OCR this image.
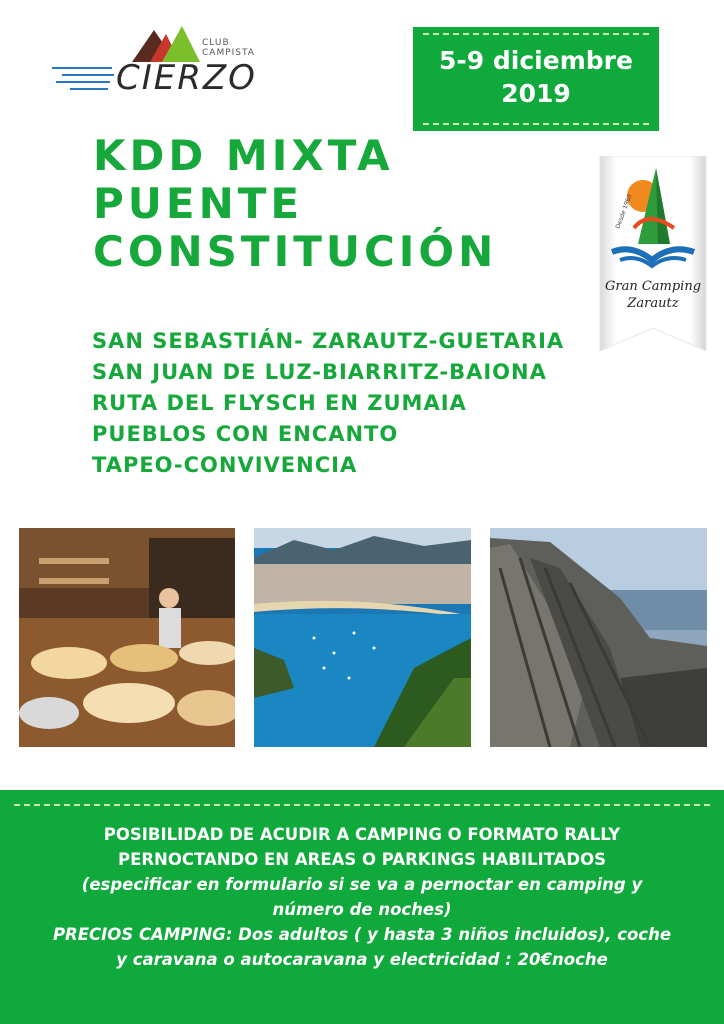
CLUB
CAMPISTA
CIERZO	5-9 diciembre
2019
KDD MIXTA
PUENTE
CONSTITUCIÓN
Desde 1960
Gran Camping
Zarautz
SAN SEBASTIÁN- ZARAUTZ-GUETARIA
SAN JUAN DE LUZ-BIARRITZ-BAIONA
RUTA DEL FLYSCH EN ZUMAIA
PUEBLOS CON ENCANTO
TAPEO-CONVIVENCIA
POSIBILIDAD DE ACUDIR A CAMPING O FORMATO RALLY
PERNOCTANDO EN AREAS O PARKINGS HABILITADOS
(especificar en formulario si se va a pernoctar en camping y
número de noches)
PRECIOS CAMPING: Dos adultos ( y hasta 3 niños incluidos), coche
y caravana o autocaravana y electricidad : 20€noche
